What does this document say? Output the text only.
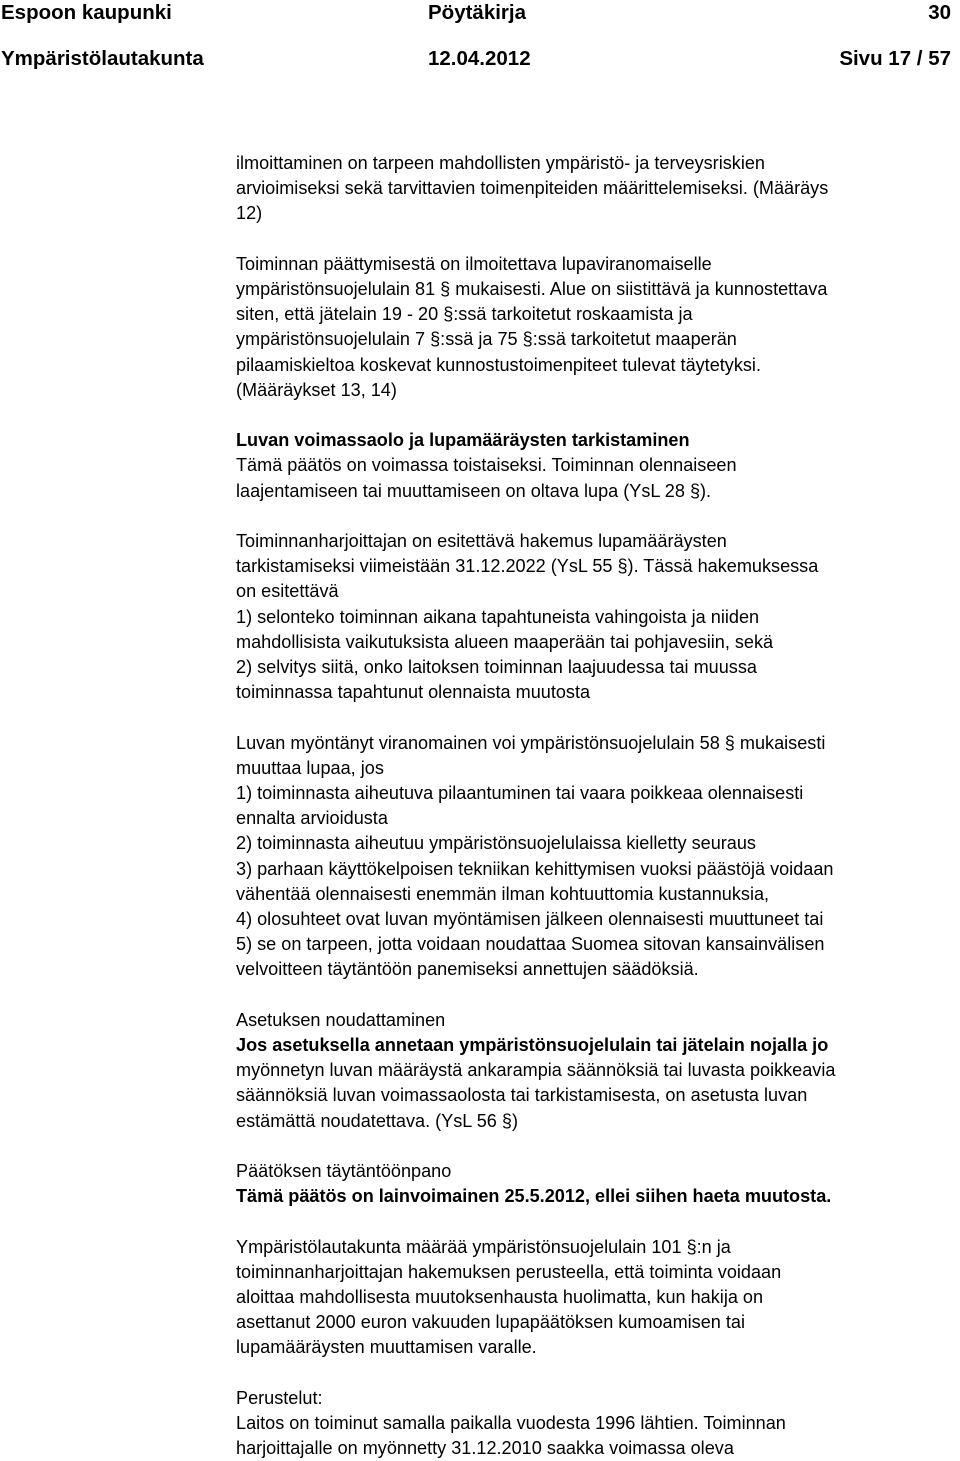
Espoon kaupunki	Pöytäkirja	30
Ympäristölautakunta	12.04.2012	Sivu 17 / 57

ilmoittaminen on tarpeen mahdollisten ympäristö- ja terveysriskien

arvioimiseksi sekä tarvittavien toimenpiteiden määrittelemiseksi. (Määräys

12)

Toiminnan päättymisestä on ilmoitettava lupaviranomaiselle

ympäristönsuojelulain 81 § mukaisesti. Alue on siistittävä ja kunnostettava

siten, että jätelain 19 - 20 §:ssä tarkoitetut roskaamista ja

ympäristönsuojelulain 7 §:ssä ja 75 §:ssä tarkoitetut maaperän

pilaamiskieltoa koskevat kunnostustoimenpiteet tulevat täytetyksi.

(Määräykset 13, 14)

Luvan voimassaolo ja lupamääräysten tarkistaminen

Tämä päätös on voimassa toistaiseksi. Toiminnan olennaiseen

laajentamiseen tai muuttamiseen on oltava lupa (YsL 28 §).

Toiminnanharjoittajan on esitettävä hakemus lupamääräysten

tarkistamiseksi viimeistään 31.12.2022 (YsL 55 §). Tässä hakemuksessa

on esitettävä

1) selonteko toiminnan aikana tapahtuneista vahingoista ja niiden

mahdollisista vaikutuksista alueen maaperään tai pohjavesiin, sekä

2) selvitys siitä, onko laitoksen toiminnan laajuudessa tai muussa

toiminnassa tapahtunut olennaista muutosta

Luvan myöntänyt viranomainen voi ympäristönsuojelulain 58 § mukaisesti

muuttaa lupaa, jos

1) toiminnasta aiheutuva pilaantuminen tai vaara poikkeaa olennaisesti

ennalta arvioidusta

2) toiminnasta aiheutuu ympäristönsuojelulaissa kielletty seuraus

3) parhaan käyttökelpoisen tekniikan kehittymisen vuoksi päästöjä voidaan

vähentää olennaisesti enemmän ilman kohtuuttomia kustannuksia,

4) olosuhteet ovat luvan myöntämisen jälkeen olennaisesti muuttuneet tai

5) se on tarpeen, jotta voidaan noudattaa Suomea sitovan kansainvälisen

velvoitteen täytäntöön panemiseksi annettujen säädöksiä.

Asetuksen noudattaminen

Jos asetuksella annetaan ympäristönsuojelulain tai jätelain nojalla jo

myönnetyn luvan määräystä ankarampia säännöksiä tai luvasta poikkeavia

säännöksiä luvan voimassaolosta tai tarkistamisesta, on asetusta luvan

estämättä noudatettava. (YsL 56 §)

Päätöksen täytäntöönpano

Tämä päätös on lainvoimainen 25.5.2012, ellei siihen haeta muutosta.

Ympäristölautakunta määrää ympäristönsuojelulain 101 §:n ja

toiminnanharjoittajan hakemuksen perusteella, että toiminta voidaan

aloittaa mahdollisesta muutoksenhausta huolimatta, kun hakija on

asettanut 2000 euron vakuuden lupapäätöksen kumoamisen tai

lupamääräysten muuttamisen varalle.

Perustelut:

Laitos on toiminut samalla paikalla vuodesta 1996 lähtien. Toiminnan

harjoittajalle on myönnetty 31.12.2010 saakka voimassa oleva
